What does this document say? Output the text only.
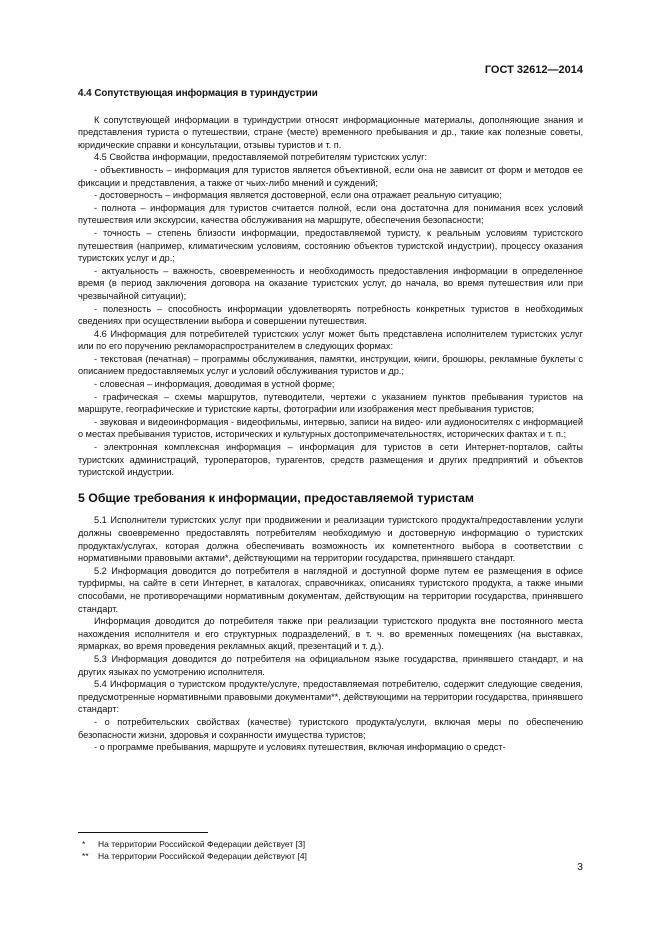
ГОСТ 32612—2014
4.4 Сопутствующая информация в туриндустрии

К сопутствующей информации в туриндустрии относят информационные материалы, дополняющие знания и представления туриста о путешествии, стране (месте) временного пребывания и др., такие как полезные советы, юридические справки и консультации, отзывы туристов и т. п.

4.5 Свойства информации, предоставляемой потребителям туристских услуг:

- объективность – информация для туристов является объективной, если она не зависит от форм и методов ее фиксации и представления, а также от чьих-либо мнений и суждений;

- достоверность – информация является достоверной, если она отражает реальную ситуацию;

- полнота – информация для туристов считается полной, если она достаточна для понимания всех условий путешествия или экскурсии, качества обслуживания на маршруте, обеспечения безопасности;

- точность – степень близости информации, предоставляемой туристу, к реальным условиям туристского путешествия (например, климатическим условиям, состоянию объектов туристской индустрии), процессу оказания туристских услуг и др.;

- актуальность – важность, своевременность и необходимость предоставления информации в определенное время (в период заключения договора на оказание туристских услуг, до начала, во время путешествия или при чрезвычайной ситуации);

- полезность – способность информации удовлетворять потребность конкретных туристов в необходимых сведениях при осуществлении выбора и совершении путешествия.

4.6 Информация для потребителей туристских услуг может быть представлена исполнителем туристских услуг или по его поручению рекламораспространителем в следующих формах:

- текстовая (печатная) – программы обслуживания, памятки, инструкции, книги, брошюры, рекламные буклеты с описанием предоставляемых услуг и условий обслуживания туристов и др.;

- словесная – информация, доводимая в устной форме;

- графическая – схемы маршрутов, путеводители, чертежи с указанием пунктов пребывания туристов на маршруте, географические и туристские карты, фотографии или изображения мест пребывания туристов;

- звуковая и видеоинформация - видеофильмы, интервью, записи на видео- или аудионосителях с информацией о местах пребывания туристов, исторических и культурных достопримечательностях, исторических фактах и т. п.;

- электронная комплексная информация – информация для туристов в сети Интернет-порталов, сайты туристских администраций, туроператоров, турагентов, средств размещения и других предприятий и объектов туристской индустрии.

5 Общие требования к информации, предоставляемой туристам

5.1 Исполнители туристских услуг при продвижении и реализации туристского продукта/предоставлении услуги должны своевременно предоставлять потребителям необходимую и достоверную информацию о туристских продуктах/услугах, которая должна обеспечивать возможность их компетентного выбора в соответствии с нормативными правовыми актами*, действующими на территории государства, принявшего стандарт.

5.2 Информация доводится до потребителя в наглядной и доступной форме путем ее размещения в офисе турфирмы, на сайте в сети Интернет, в каталогах, справочниках, описаниях туристского продукта, а также иными способами, не противоречащими нормативным документам, действующим на территории государства, принявшего стандарт.

Информация доводится до потребителя также при реализации туристского продукта вне постоянного места нахождения исполнителя и его структурных подразделений, в т. ч. во временных помещениях (на выставках, ярмарках, во время проведения рекламных акций, презентаций и т. д.).

5.3 Информация доводится до потребителя на официальном языке государства, принявшего стандарт, и на других языках по усмотрению исполнителя.

5.4 Информация о туристском продукте/услуге, предоставляемая потребителю, содержит следующие сведения, предусмотренные нормативными правовыми документами**, действующими на территории государства, принявшего стандарт:

- о потребительских свойствах (качестве) туристского продукта/услуги, включая меры по обеспечению безопасности жизни, здоровья и сохранности имущества туристов;

- о программе пребывания, маршруте и условиях путешествия, включая информацию о средст-

*	На территории Российской Федерации действует [3]
** На территории Российской Федерации действуют [4]
3
